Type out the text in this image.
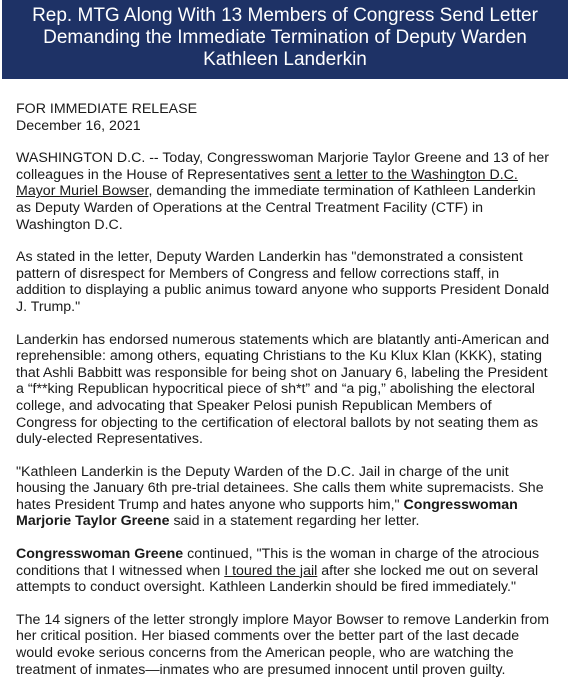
Rep. MTG Along With 13 Members of Congress Send Letter Demanding the Immediate Termination of Deputy Warden Kathleen Landerkin
FOR IMMEDIATE RELEASE
December 16, 2021

WASHINGTON D.C. -- Today, Congresswoman Marjorie Taylor Greene and 13 of her colleagues in the House of Representatives sent a letter to the Washington D.C. Mayor Muriel Bowser, demanding the immediate termination of Kathleen Landerkin as Deputy Warden of Operations at the Central Treatment Facility (CTF) in Washington D.C.

As stated in the letter, Deputy Warden Landerkin has "demonstrated a consistent pattern of disrespect for Members of Congress and fellow corrections staff, in addition to displaying a public animus toward anyone who supports President Donald J. Trump."

Landerkin has endorsed numerous statements which are blatantly anti-American and reprehensible: among others, equating Christians to the Ku Klux Klan (KKK), stating that Ashli Babbitt was responsible for being shot on January 6, labeling the President a “f**king Republican hypocritical piece of sh*t” and “a pig,” abolishing the electoral college, and advocating that Speaker Pelosi punish Republican Members of Congress for objecting to the certification of electoral ballots by not seating them as duly-elected Representatives.

"Kathleen Landerkin is the Deputy Warden of the D.C. Jail in charge of the unit housing the January 6th pre-trial detainees. She calls them white supremacists. She hates President Trump and hates anyone who supports him," Congresswoman Marjorie Taylor Greene said in a statement regarding her letter.

Congresswoman Greene continued, "This is the woman in charge of the atrocious conditions that I witnessed when I toured the jail after she locked me out on several attempts to conduct oversight. Kathleen Landerkin should be fired immediately."

The 14 signers of the letter strongly implore Mayor Bowser to remove Landerkin from her critical position. Her biased comments over the better part of the last decade would evoke serious concerns from the American people, who are watching the treatment of inmates—inmates who are presumed innocent until proven guilty.
